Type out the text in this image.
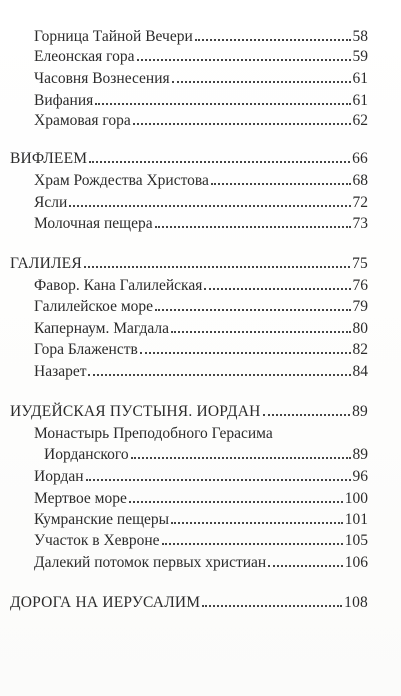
Горница Тайной Вечери	58
Елеонская гора	59
Часовня Вознесения	61
Вифания	61
Храмовая гора	62
ВИФЛЕЕМ	66
Храм Рождества Христова	68
Ясли	72
Молочная пещера	73
ГАЛИЛЕЯ	75
Фавор. Кана Галилейская	76
Галилейское море	79
Капернаум. Магдала	80
Гора Блаженств	82
Назарет	84
ИУДЕЙСКАЯ ПУСТЫНЯ. ИОРДАН	89
Монастырь Преподобного Герасима
Иорданского	89
Иордан	96
Мертвое море	100
Кумранские пещеры	101
Участок в Хевроне	105
Далекий потомок первых христиан	106
ДОРОГА НА ИЕРУСАЛИМ	108
